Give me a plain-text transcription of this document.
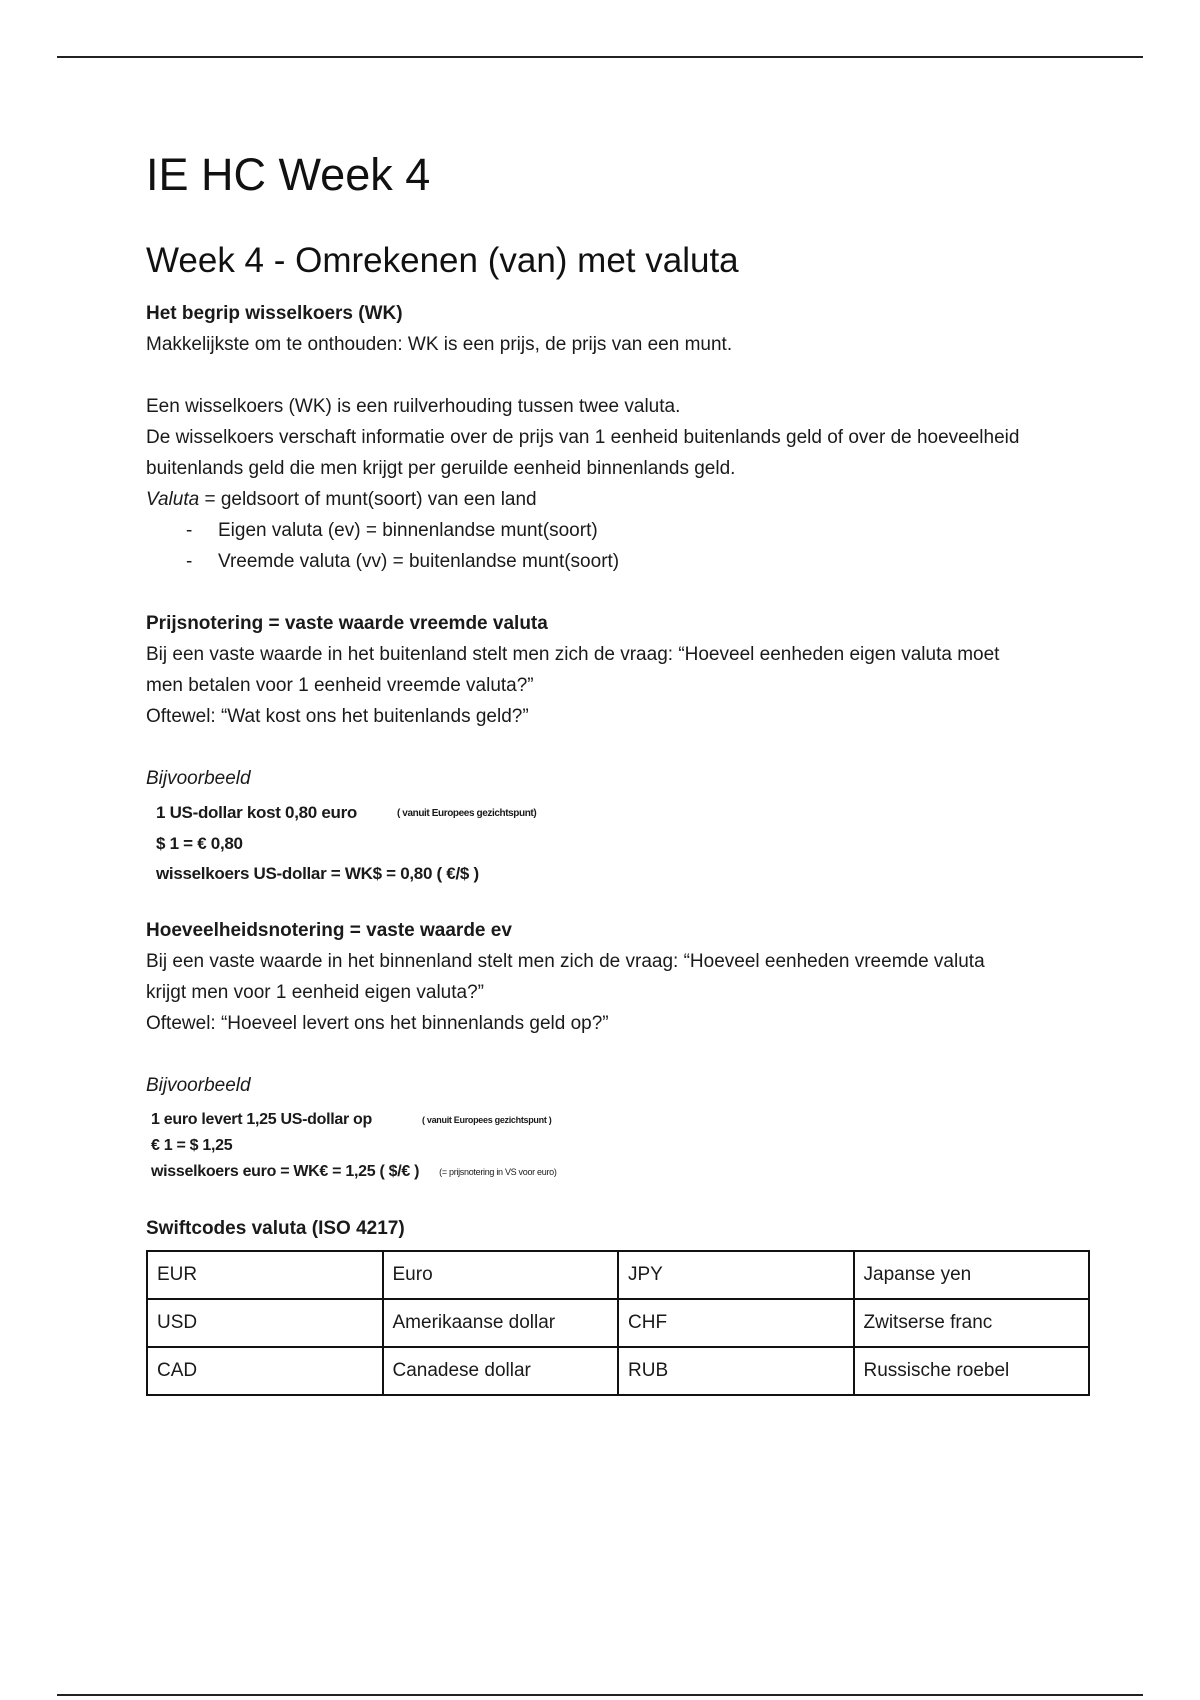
IE HC Week 4
Week 4 - Omrekenen (van) met valuta

Het begrip wisselkoers (WK)

Makkelijkste om te onthouden: WK is een prijs, de prijs van een munt.

Een wisselkoers (WK) is een ruilverhouding tussen twee valuta.

De wisselkoers verschaft informatie over de prijs van 1 eenheid buitenlands geld of over de hoeveelheid

buitenlands geld die men krijgt per geruilde eenheid binnenlands geld.

Valuta = geldsoort of munt(soort) van een land

- Eigen valuta (ev) = binnenlandse munt(soort)
- Vreemde valuta (vv) = buitenlandse munt(soort)

Prijsnotering = vaste waarde vreemde valuta

Bij een vaste waarde in het buitenland stelt men zich de vraag: “Hoeveel eenheden eigen valuta moet

men betalen voor 1 eenheid vreemde valuta?”

Oftewel: “Wat kost ons het buitenlands geld?”

Bijvoorbeeld

1 US-dollar kost 0,80 euro	( vanuit Europees gezichtspunt)
$ 1 = € 0,80
wisselkoers US-dollar = WK$ = 0,80 ( €/$ )

Hoeveelheidsnotering = vaste waarde ev

Bij een vaste waarde in het binnenland stelt men zich de vraag: “Hoeveel eenheden vreemde valuta

krijgt men voor 1 eenheid eigen valuta?”

Oftewel: “Hoeveel levert ons het binnenlands geld op?”

Bijvoorbeeld

1 euro levert 1,25 US-dollar op	( vanuit Europees gezichtspunt )
€ 1 = $ 1,25
wisselkoers euro = WK€ = 1,25 ( $/€ ) (= prijsnotering in VS voor euro)

Swiftcodes valuta (ISO 4217)

EUR	Euro	JPY	Japanse yen
USD	Amerikaanse dollar	CHF	Zwitserse franc
CAD	Canadese dollar	RUB	Russische roebel
